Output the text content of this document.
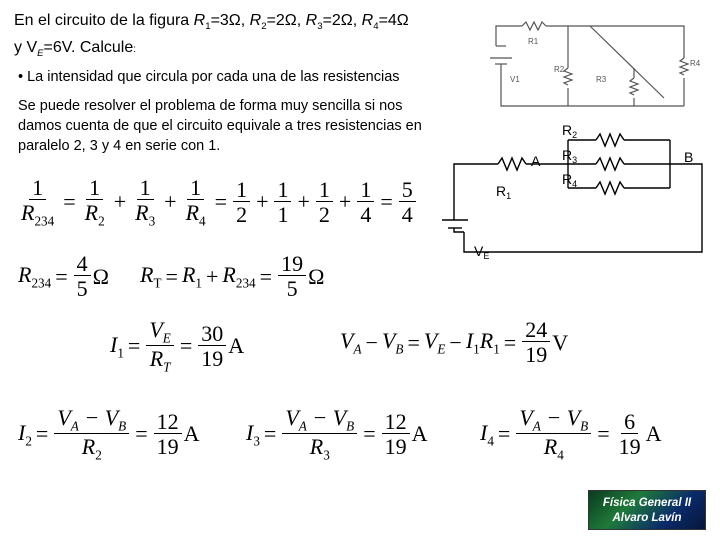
En el circuito de la figura $R_1=3\Omega$, $R_2=2\Omega$, $R_3=2\Omega$, $R_4=4\Omega$
y $V_E=6V$. Calcule:
• La intensidad que circula por cada una de las resistencias
Se puede resolver el problema de forma muy sencilla si nos
damos cuenta de que el circuito equivale a tres resistencias en
paralelo 2, 3 y 4 en serie con 1.
R1
R2
R3
R4
V1
$R_1$
$R_2$
$R_3$
$R_4$
A	B
$V_E$
$\frac{1}{R_{234}} = \frac{1}{R_2} + \frac{1}{R_3} + \frac{1}{R_4} = \frac{1}{2} + \frac{1}{1} + \frac{1}{2} + \frac{1}{4} = \frac{5}{4}$
$R_{234} = \frac{4}{5}$ Ω $R_T = R_1 + R_{234} = \frac{19}{5}$ Ω
$I_1 = \frac{V_E}{R_T} = \frac{30}{19}$ A	$V_A - V_B = V_E - I_1R_1 = \frac{24}{19}$ V
$I_2 = \frac{V_A - V_B}{R_2} = \frac{12}{19}$ A $I_3 = \frac{V_A - V_B}{R_3} = \frac{12}{19}$ A $I_4 = \frac{V_A - V_B}{R_4} = \frac{6}{19}$ A
Física General II
Alvaro Lavín
